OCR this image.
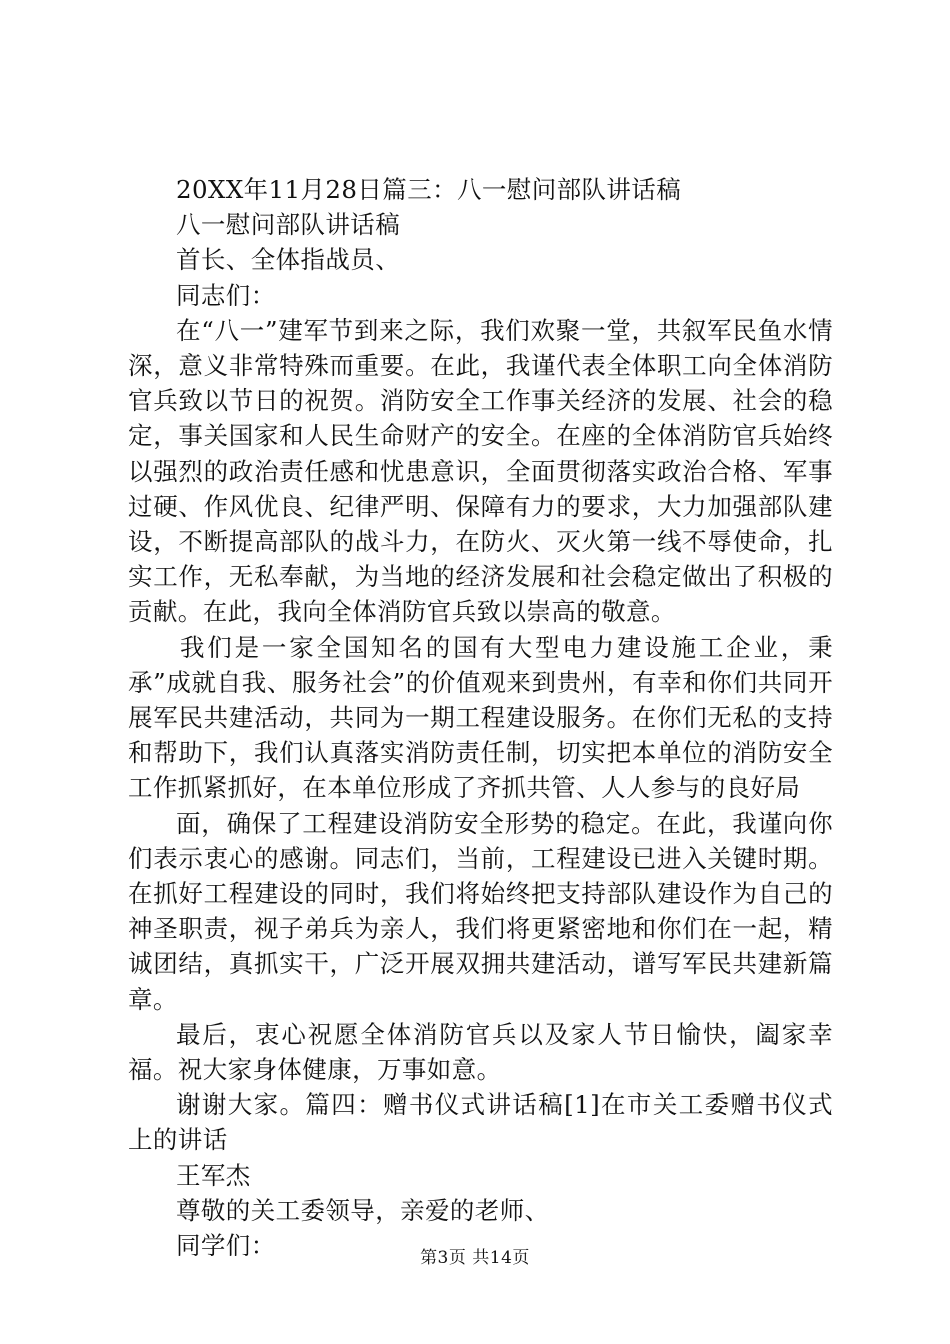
20XX年11月28日篇三：八一慰问部队讲话稿
八一慰问部队讲话稿
首长、全体指战员、
同志们：

在“八一”建军节到来之际，我们欢聚一堂，共叙军民鱼水情深，意义非常特殊而重要。在此，我谨代表全体职工向全体消防官兵致以节日的祝贺。消防安全工作事关经济的发展、社会的稳定，事关国家和人民生命财产的安全。在座的全体消防官兵始终以强烈的政治责任感和忧患意识，全面贯彻落实政治合格、军事过硬、作风优良、纪律严明、保障有力的要求，大力加强部队建设，不断提高部队的战斗力，在防火、灭火第一线不辱使命，扎实工作，无私奉献，为当地的经济发展和社会稳定做出了积极的贡献。在此，我向全体消防官兵致以崇高的敬意。

我们是一家全国知名的国有大型电力建设施工企业，秉承”成就自我、服务社会”的价值观来到贵州，有幸和你们共同开展军民共建活动，共同为一期工程建设服务。在你们无私的支持和帮助下，我们认真落实消防责任制，切实把本单位的消防安全工作抓紧抓好，在本单位形成了齐抓共管、人人参与的良好局

面，确保了工程建设消防安全形势的稳定。在此，我谨向你们表示衷心的感谢。同志们，当前，工程建设已进入关键时期。在抓好工程建设的同时，我们将始终把支持部队建设作为自己的神圣职责，视子弟兵为亲人，我们将更紧密地和你们在一起，精诚团结，真抓实干，广泛开展双拥共建活动，谱写军民共建新篇章。

最后，衷心祝愿全体消防官兵以及家人节日愉快，阖家幸福。祝大家身体健康，万事如意。

谢谢大家。篇四：赠书仪式讲话稿[1]在市关工委赠书仪式上的讲话

王军杰
尊敬的关工委领导，亲爱的老师、
同学们：	第3页 共14页
